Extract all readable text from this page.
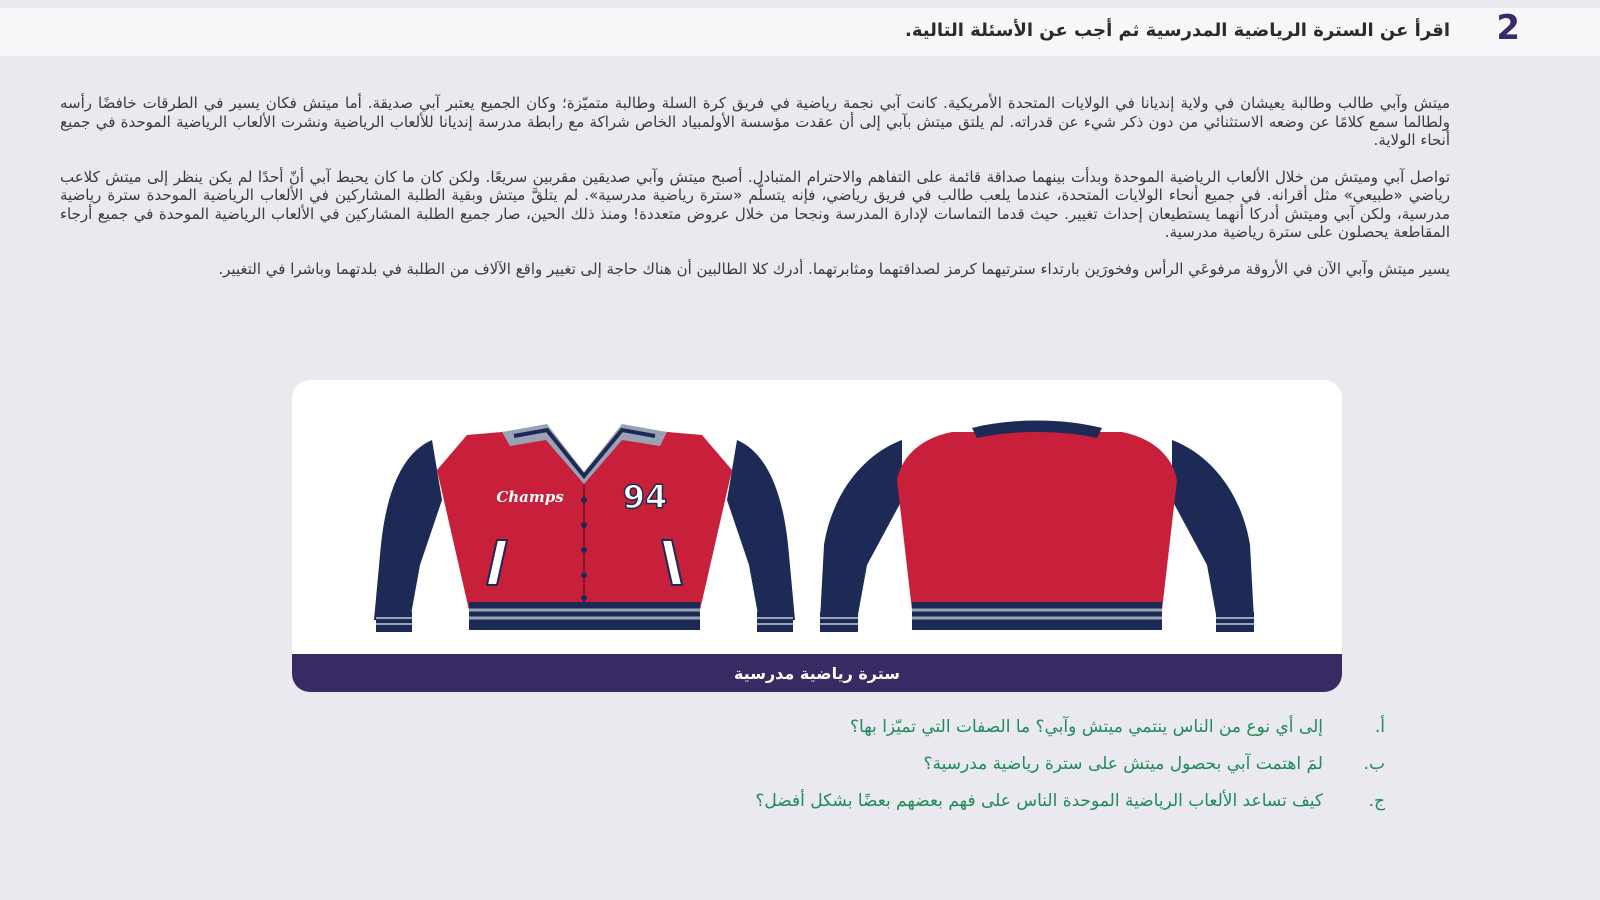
2
اقرأ عن السترة الرياضية المدرسية ثم أجب عن الأسئلة التالية.

ميتش وآبي طالب وطالبة يعيشان في ولاية إنديانا في الولايات المتحدة الأمريكية. كانت آبي نجمة رياضية في فريق كرة السلة وطالبة متميّزة؛ وكان الجميع يعتبر آبي صديقة. أما ميتش فكان يسير في الطرقات خافضًا رأسه ولطالما سمع كلامًا عن وضعه الاستثنائي من دون ذكر شيء عن قدراته. لم يلتق ميتش بآبي إلى أن عقدت مؤسسة الأولمبياد الخاص شراكة مع رابطة مدرسة إنديانا للألعاب الرياضية ونشرت الألعاب الرياضية الموحدة في جميع أنحاء الولاية.

تواصل آبي وميتش من خلال الألعاب الرياضية الموحدة وبدأت بينهما صداقة قائمة على التفاهم والاحترام المتبادل. أصبح ميتش وآبي صديقين مقربين سريعًا. ولكن كان ما كان يحبط آبي أنّ أحدًا لم يكن ينظر إلى ميتش كلاعب رياضي «طبيعي» مثل أقرانه. في جميع أنحاء الولايات المتحدة، عندما يلعب طالب في فريق رياضي، فإنه يتسلّم «سترة رياضية مدرسية». لم يتلقَّ ميتش وبقية الطلبة المشاركين في الألعاب الرياضية الموحدة سترة رياضية مدرسية، ولكن آبي وميتش أدركا أنهما يستطيعان إحداث تغيير. حيث قدما التماسات لإدارة المدرسة ونجحا من خلال عروض متعددة! ومنذ ذلك الحين، صار جميع الطلبة المشاركين في الألعاب الرياضية الموحدة في جميع أرجاء المقاطعة يحصلون على سترة رياضية مدرسية.

يسير ميتش وآبي الآن في الأروقة مرفوعَي الرأس وفخورَين بارتداء سترتيهما كرمز لصداقتهما ومثابرتهما. أدرك كلا الطالبين أن هناك حاجة إلى تغيير واقع الآلاف من الطلبة في بلدتهما وباشرا في التغيير.

Champs 94
سترة رياضية مدرسية
أ.
إلى أي نوع من الناس ينتمي ميتش وآبي؟ ما الصفات التي تميّزا بها؟
ب.
لمَ اهتمت آبي بحصول ميتش على سترة رياضية مدرسية؟
ج.
كيف تساعد الألعاب الرياضية الموحدة الناس على فهم بعضهم بعضًا بشكل أفضل؟
